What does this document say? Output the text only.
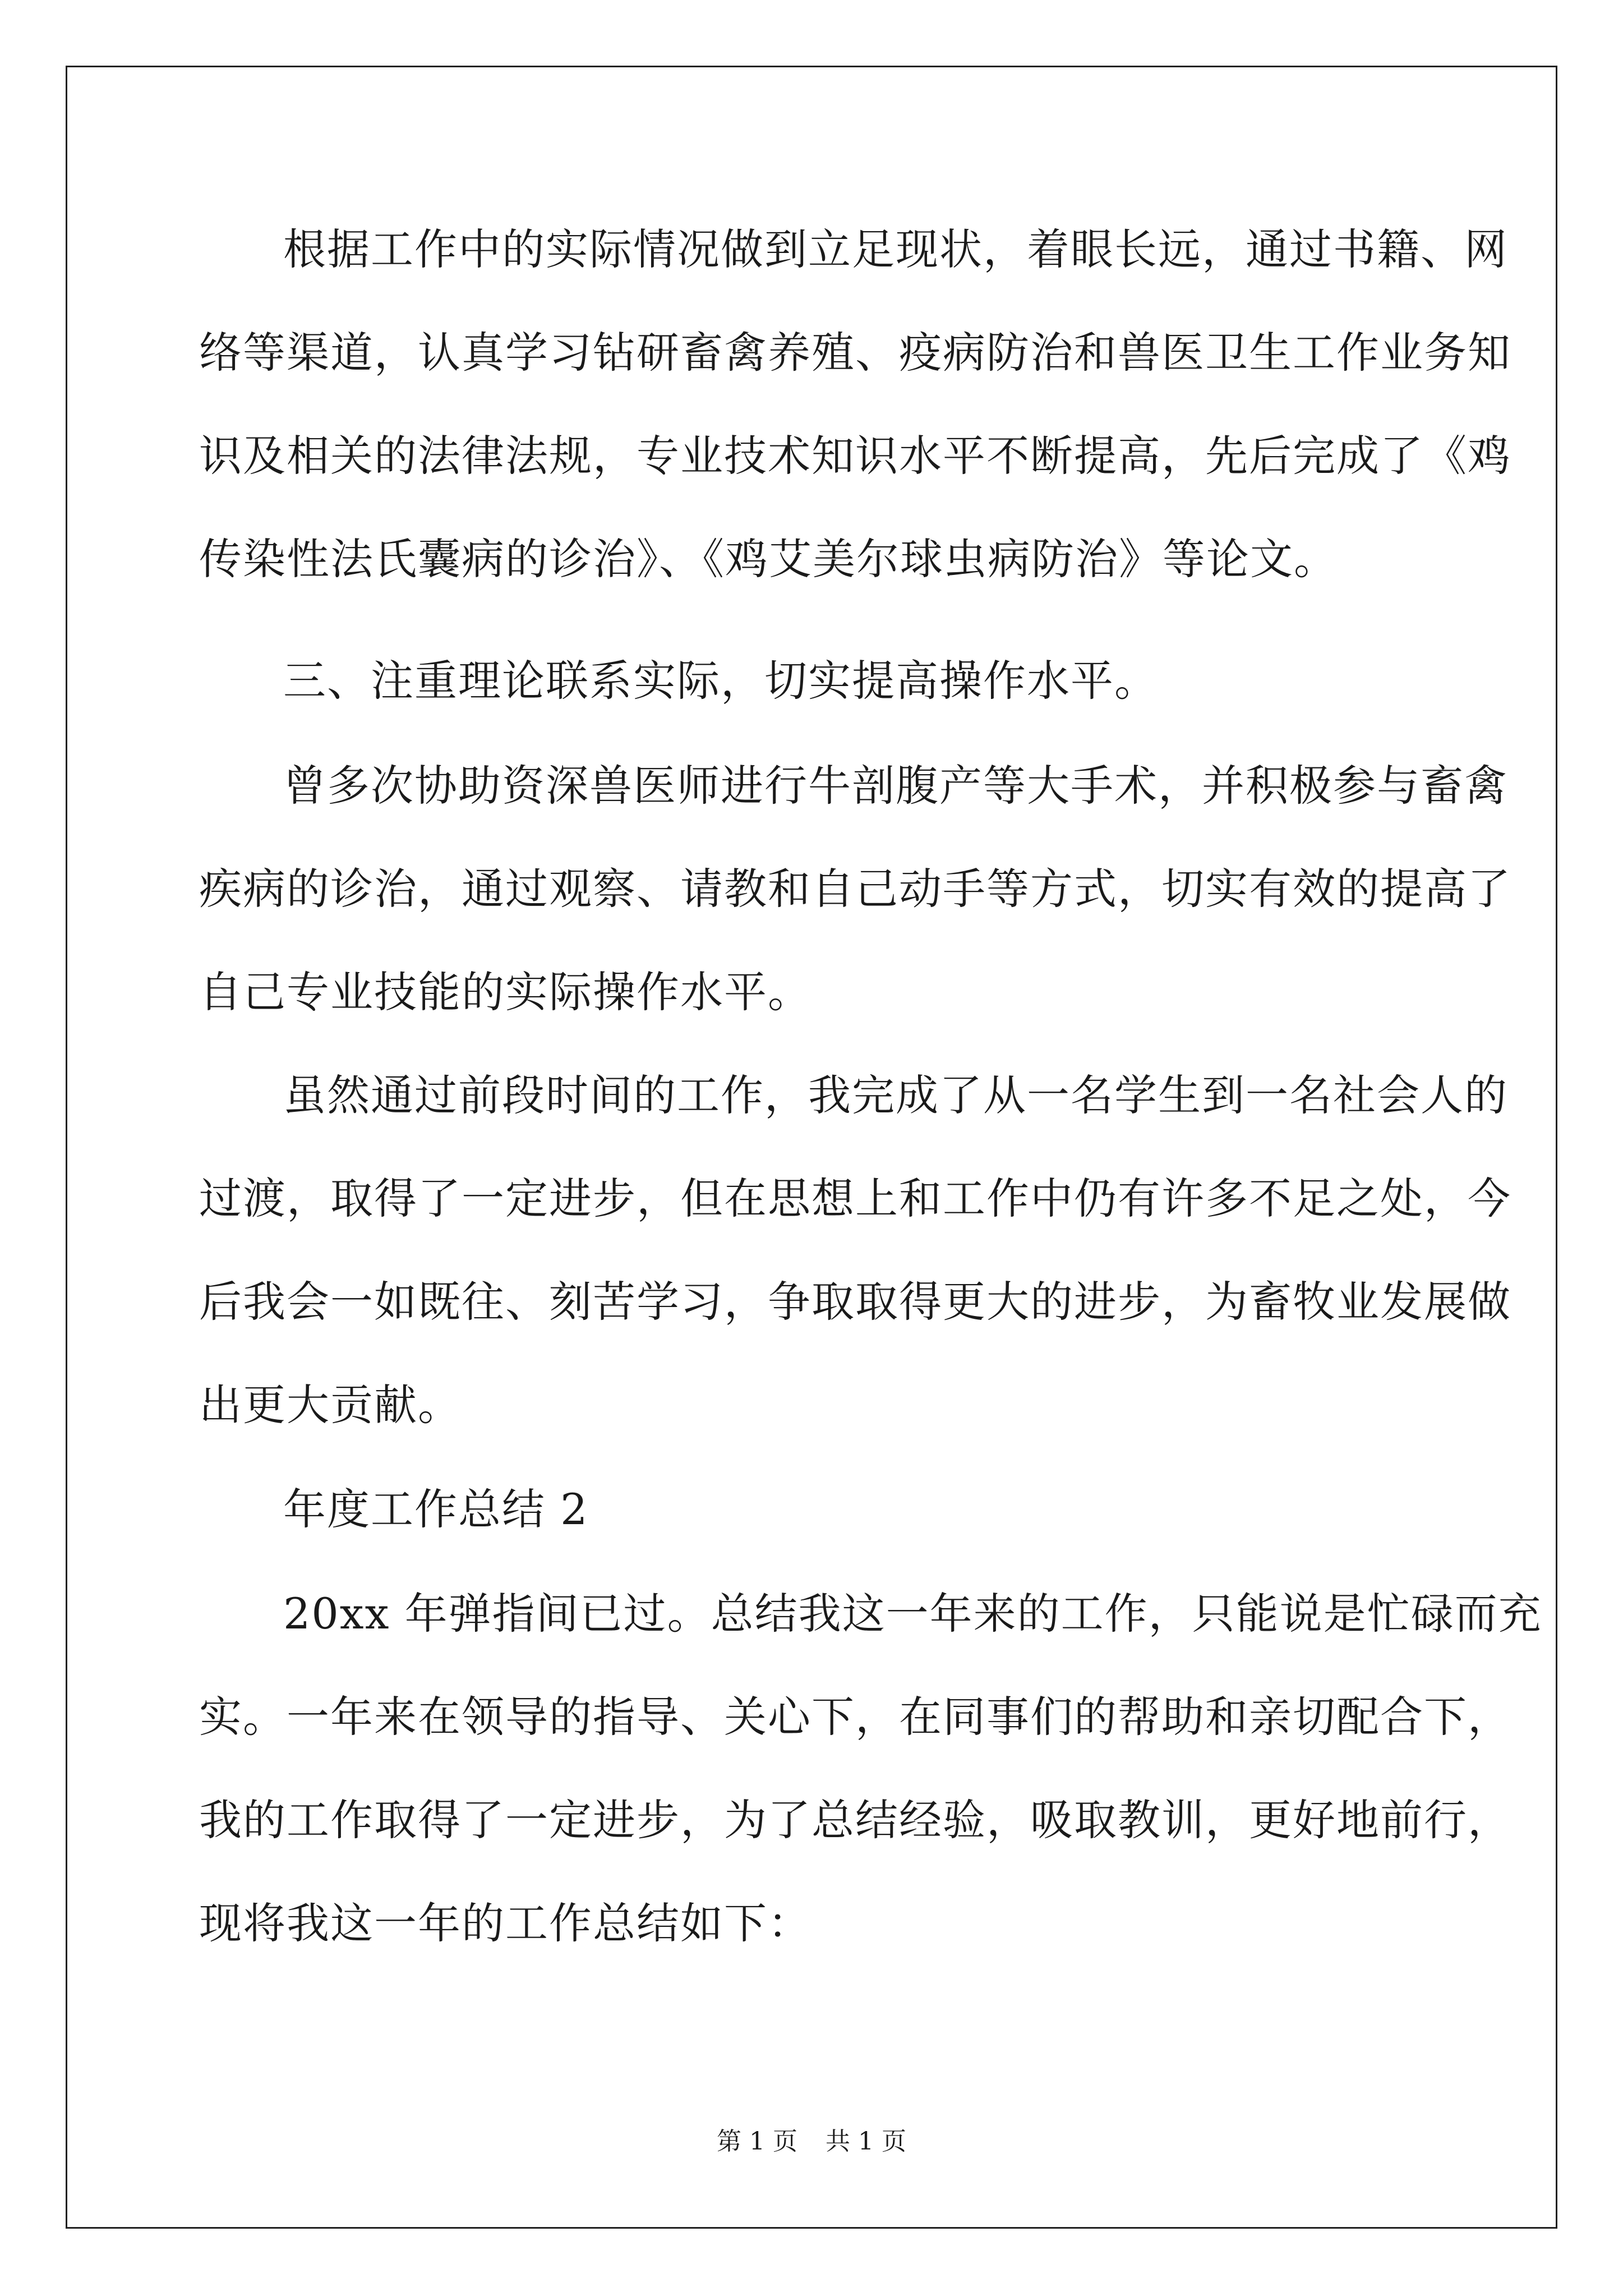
根据工作中的实际情况做到立足现状，着眼长远，通过书籍、网
络等渠道，认真学习钻研畜禽养殖、疫病防治和兽医卫生工作业务知
识及相关的法律法规，专业技术知识水平不断提高，先后完成了《鸡
传染性法氏囊病的诊治》、《鸡艾美尔球虫病防治》等论文。
三、注重理论联系实际，切实提高操作水平。
曾多次协助资深兽医师进行牛剖腹产等大手术，并积极参与畜禽
疾病的诊治，通过观察、请教和自己动手等方式，切实有效的提高了
自己专业技能的实际操作水平。
虽然通过前段时间的工作，我完成了从一名学生到一名社会人的
过渡，取得了一定进步，但在思想上和工作中仍有许多不足之处，今
后我会一如既往、刻苦学习，争取取得更大的进步，为畜牧业发展做
出更大贡献。
年度工作总结 2
20xx 年弹指间已过。总结我这一年来的工作，只能说是忙碌而充
实。一年来在领导的指导、关心下，在同事们的帮助和亲切配合下，
我的工作取得了一定进步，为了总结经验，吸取教训，更好地前行，
现将我这一年的工作总结如下：
第 1 页 共 1 页
